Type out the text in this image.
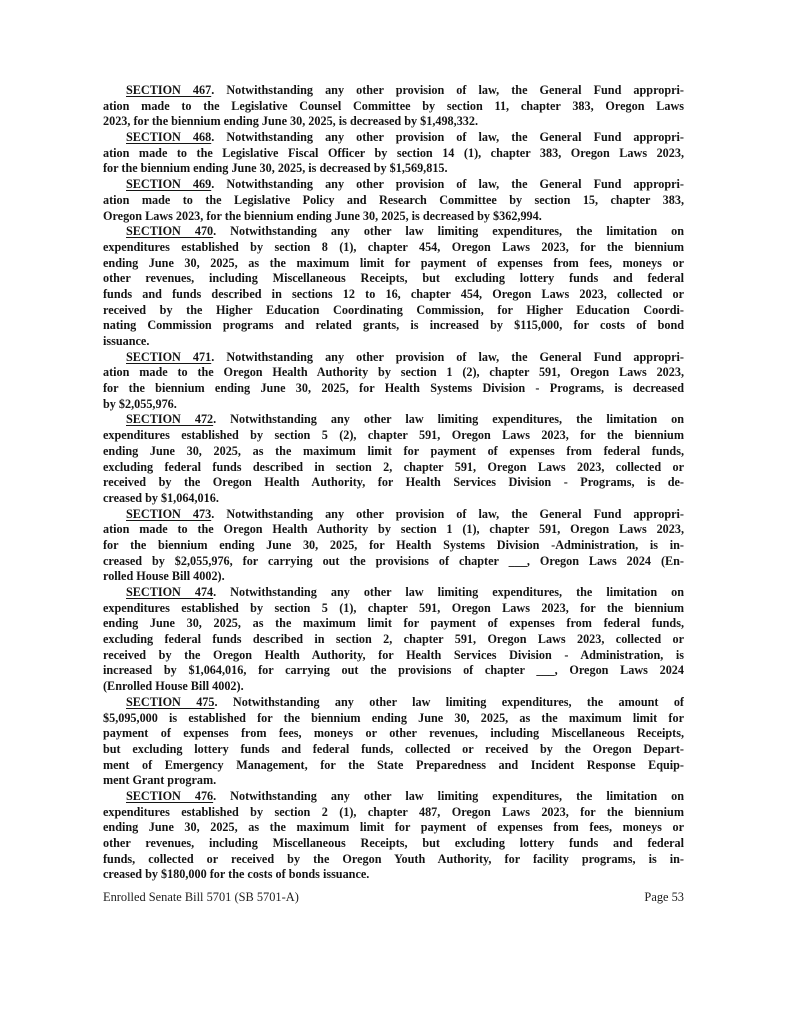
SECTION 467. Notwithstanding any other provision of law, the General Fund appropri-
ation made to the Legislative Counsel Committee by section 11, chapter 383, Oregon Laws
2023, for the biennium ending June 30, 2025, is decreased by $1,498,332.
SECTION 468. Notwithstanding any other provision of law, the General Fund appropri-
ation made to the Legislative Fiscal Officer by section 14 (1), chapter 383, Oregon Laws 2023,
for the biennium ending June 30, 2025, is decreased by $1,569,815.
SECTION 469. Notwithstanding any other provision of law, the General Fund appropri-
ation made to the Legislative Policy and Research Committee by section 15, chapter 383,
Oregon Laws 2023, for the biennium ending June 30, 2025, is decreased by $362,994.
SECTION 470. Notwithstanding any other law limiting expenditures, the limitation on
expenditures established by section 8 (1), chapter 454, Oregon Laws 2023, for the biennium
ending June 30, 2025, as the maximum limit for payment of expenses from fees, moneys or
other revenues, including Miscellaneous Receipts, but excluding lottery funds and federal
funds and funds described in sections 12 to 16, chapter 454, Oregon Laws 2023, collected or
received by the Higher Education Coordinating Commission, for Higher Education Coordi-
nating Commission programs and related grants, is increased by $115,000, for costs of bond
issuance.
SECTION 471. Notwithstanding any other provision of law, the General Fund appropri-
ation made to the Oregon Health Authority by section 1 (2), chapter 591, Oregon Laws 2023,
for the biennium ending June 30, 2025, for Health Systems Division - Programs, is decreased
by $2,055,976.
SECTION 472. Notwithstanding any other law limiting expenditures, the limitation on
expenditures established by section 5 (2), chapter 591, Oregon Laws 2023, for the biennium
ending June 30, 2025, as the maximum limit for payment of expenses from federal funds,
excluding federal funds described in section 2, chapter 591, Oregon Laws 2023, collected or
received by the Oregon Health Authority, for Health Services Division - Programs, is de-
creased by $1,064,016.
SECTION 473. Notwithstanding any other provision of law, the General Fund appropri-
ation made to the Oregon Health Authority by section 1 (1), chapter 591, Oregon Laws 2023,
for the biennium ending June 30, 2025, for Health Systems Division -Administration, is in-
creased by $2,055,976, for carrying out the provisions of chapter ___, Oregon Laws 2024 (En-
rolled House Bill 4002).
SECTION 474. Notwithstanding any other law limiting expenditures, the limitation on
expenditures established by section 5 (1), chapter 591, Oregon Laws 2023, for the biennium
ending June 30, 2025, as the maximum limit for payment of expenses from federal funds,
excluding federal funds described in section 2, chapter 591, Oregon Laws 2023, collected or
received by the Oregon Health Authority, for Health Services Division - Administration, is
increased by $1,064,016, for carrying out the provisions of chapter ___, Oregon Laws 2024
(Enrolled House Bill 4002).
SECTION 475. Notwithstanding any other law limiting expenditures, the amount of
$5,095,000 is established for the biennium ending June 30, 2025, as the maximum limit for
payment of expenses from fees, moneys or other revenues, including Miscellaneous Receipts,
but excluding lottery funds and federal funds, collected or received by the Oregon Depart-
ment of Emergency Management, for the State Preparedness and Incident Response Equip-
ment Grant program.
SECTION 476. Notwithstanding any other law limiting expenditures, the limitation on
expenditures established by section 2 (1), chapter 487, Oregon Laws 2023, for the biennium
ending June 30, 2025, as the maximum limit for payment of expenses from fees, moneys or
other revenues, including Miscellaneous Receipts, but excluding lottery funds and federal
funds, collected or received by the Oregon Youth Authority, for facility programs, is in-
creased by $180,000 for the costs of bonds issuance.
Enrolled Senate Bill 5701 (SB 5701-A)	Page 53
